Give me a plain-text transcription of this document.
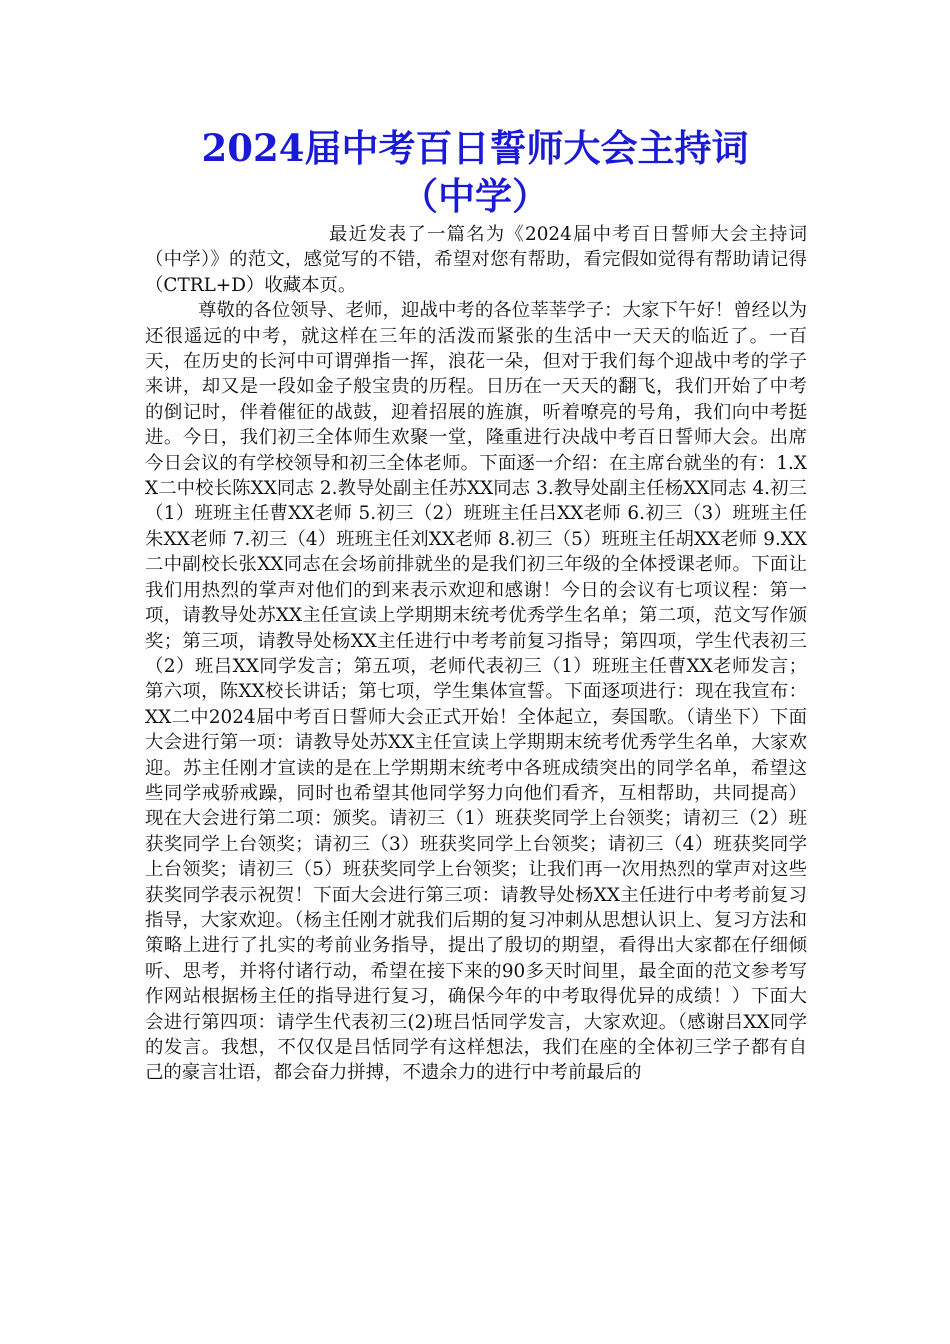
2024届中考百日誓师大会主持词
（中学）

最近发表了一篇名为《2024届中考百日誓师大会主持词（中学）》的范文，感觉写的不错，希望对您有帮助，看完假如觉得有帮助请记得（CTRL+D）收藏本页。

尊敬的各位领导、老师，迎战中考的各位莘莘学子：大家下午好！曾经以为还很遥远的中考，就这样在三年的活泼而紧张的生活中一天天的临近了。一百天，在历史的长河中可谓弹指一挥，浪花一朵，但对于我们每个迎战中考的学子来讲，却又是一段如金子般宝贵的历程。日历在一天天的翻飞，我们开始了中考的倒记时，伴着催征的战鼓，迎着招展的旌旗，听着嘹亮的号角，我们向中考挺进。今日，我们初三全体师生欢聚一堂，隆重进行决战中考百日誓师大会。出席今日会议的有学校领导和初三全体老师。下面逐一介绍：在主席台就坐的有：1.XX二中校长陈XX同志 2.教导处副主任苏XX同志 3.教导处副主任杨XX同志 4.初三（1）班班主任曹XX老师 5.初三（2）班班主任吕XX老师 6.初三（3）班班主任朱XX老师 7.初三（4）班班主任刘XX老师 8.初三（5）班班主任胡XX老师 9.XX二中副校长张XX同志在会场前排就坐的是我们初三年级的全体授课老师。下面让我们用热烈的掌声对他们的到来表示欢迎和感谢！今日的会议有七项议程：第一项，请教导处苏XX主任宣读上学期期末统考优秀学生名单；第二项，范文写作颁奖；第三项，请教导处杨XX主任进行中考考前复习指导；第四项，学生代表初三（2）班吕XX同学发言；第五项，老师代表初三（1）班班主任曹XX老师发言；第六项，陈XX校长讲话；第七项，学生集体宣誓。下面逐项进行：现在我宣布：XX二中2024届中考百日誓师大会正式开始！全体起立，奏国歌。（请坐下）下面大会进行第一项：请教导处苏XX主任宣读上学期期末统考优秀学生名单，大家欢迎。苏主任刚才宣读的是在上学期期末统考中各班成绩突出的同学名单，希望这些同学戒骄戒躁，同时也希望其他同学努力向他们看齐，互相帮助，共同提高）现在大会进行第二项：颁奖。请初三（1）班获奖同学上台领奖；请初三（2）班获奖同学上台领奖；请初三（3）班获奖同学上台领奖；请初三（4）班获奖同学上台领奖；请初三（5）班获奖同学上台领奖；让我们再一次用热烈的掌声对这些获奖同学表示祝贺！下面大会进行第三项：请教导处杨XX主任进行中考考前复习指导，大家欢迎。（杨主任刚才就我们后期的复习冲刺从思想认识上、复习方法和策略上进行了扎实的考前业务指导，提出了殷切的期望，看得出大家都在仔细倾听、思考，并将付诸行动，希望在接下来的90多天时间里，最全面的范文参考写作网站根据杨主任的指导进行复习，确保今年的中考取得优异的成绩！）下面大会进行第四项：请学生代表初三(2)班吕恬同学发言，大家欢迎。（感谢吕XX同学的发言。我想，不仅仅是吕恬同学有这样想法，我们在座的全体初三学子都有自己的豪言壮语，都会奋力拼搏，不遗余力的进行中考前最后的
